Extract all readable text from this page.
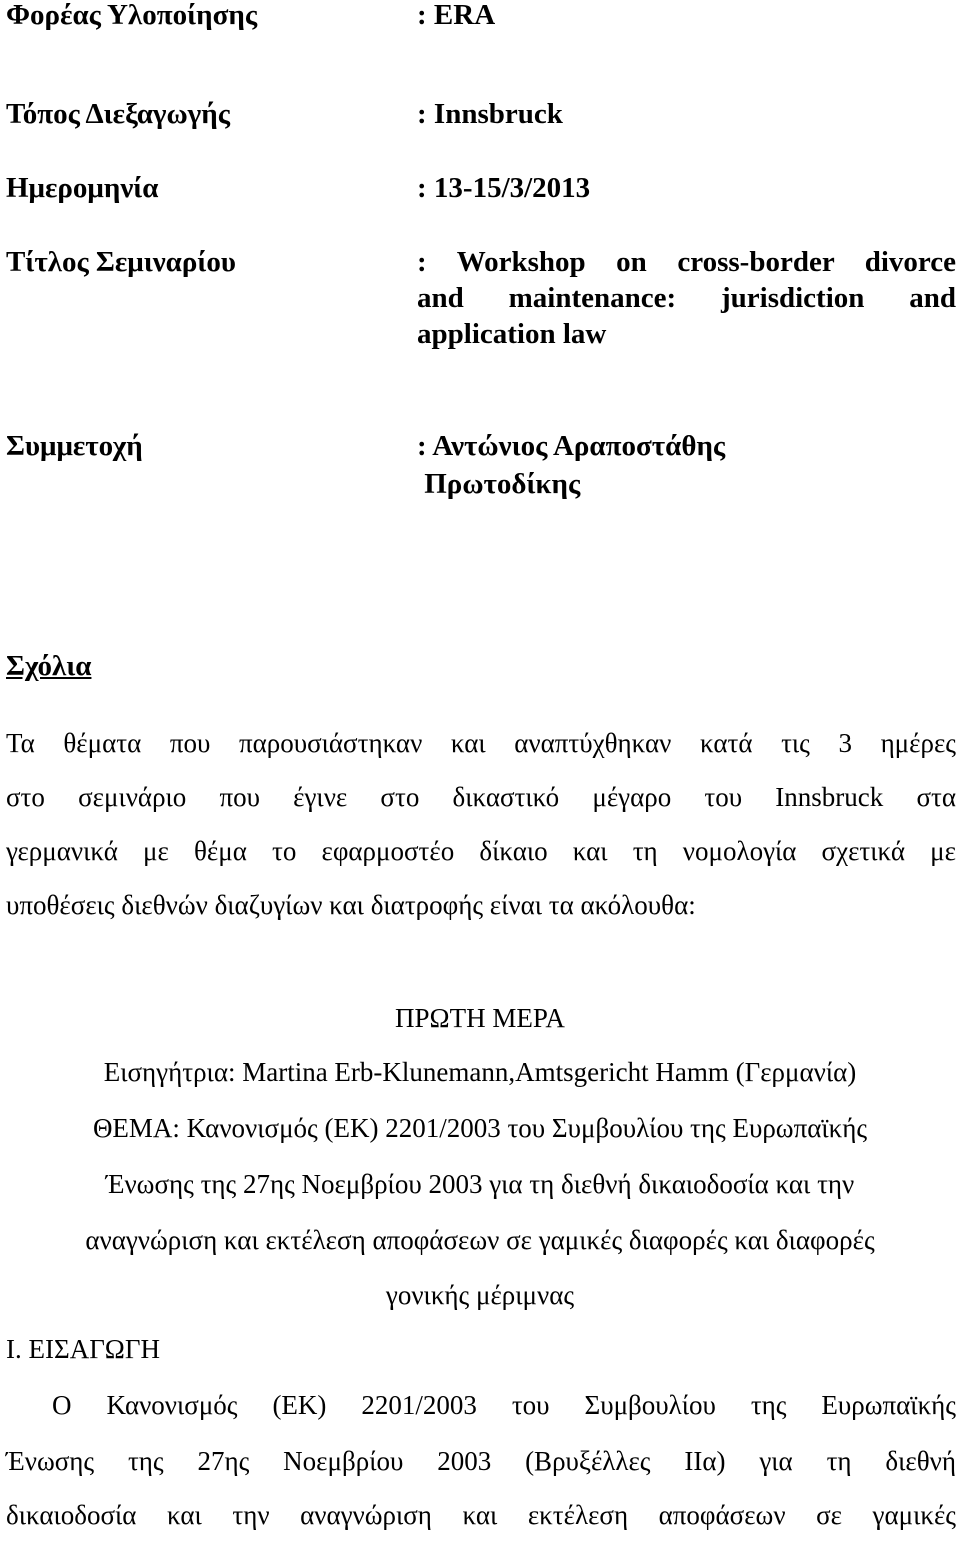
Φορέας Υλοποίησης	: ERA
Τόπος Διεξαγωγής	: Innsbruck
Ημερομηνία	: 13-15/3/2013
Τίτλος Σεμιναρίου	: Workshop on cross-border divorce
and maintenance: jurisdiction and
application law
Συμμετοχή	: Αντώνιος Αραποστάθης
Πρωτοδίκης
Σχόλια
Τα θέματα που παρουσιάστηκαν και αναπτύχθηκαν κατά τις 3 ημέρες
στο σεμινάριο που έγινε στο δικαστικό μέγαρο του Innsbruck στα
γερμανικά με θέμα το εφαρμοστέο δίκαιο και τη νομολογία σχετικά με
υποθέσεις διεθνών διαζυγίων και διατροφής είναι τα ακόλουθα:
ΠΡΩΤΗ ΜΕΡΑ
Εισηγήτρια: Martina Erb-Klunemann,Amtsgericht Hamm (Γερμανία)
ΘΕΜΑ: Κανονισμός (ΕΚ) 2201/2003 του Συμβουλίου της Ευρωπαϊκής
Ένωσης της 27ης Νοεμβρίου 2003 για τη διεθνή δικαιοδοσία και την
αναγνώριση και εκτέλεση αποφάσεων σε γαμικές διαφορές και διαφορές
γονικής μέριμνας
Ι. ΕΙΣΑΓΩΓΗ
Ο Κανονισμός (ΕΚ) 2201/2003 του Συμβουλίου της Ευρωπαϊκής
Ένωσης της 27ης Νοεμβρίου 2003 (Βρυξέλλες ΙΙα) για τη διεθνή
δικαιοδοσία και την αναγνώριση και εκτέλεση αποφάσεων σε γαμικές
